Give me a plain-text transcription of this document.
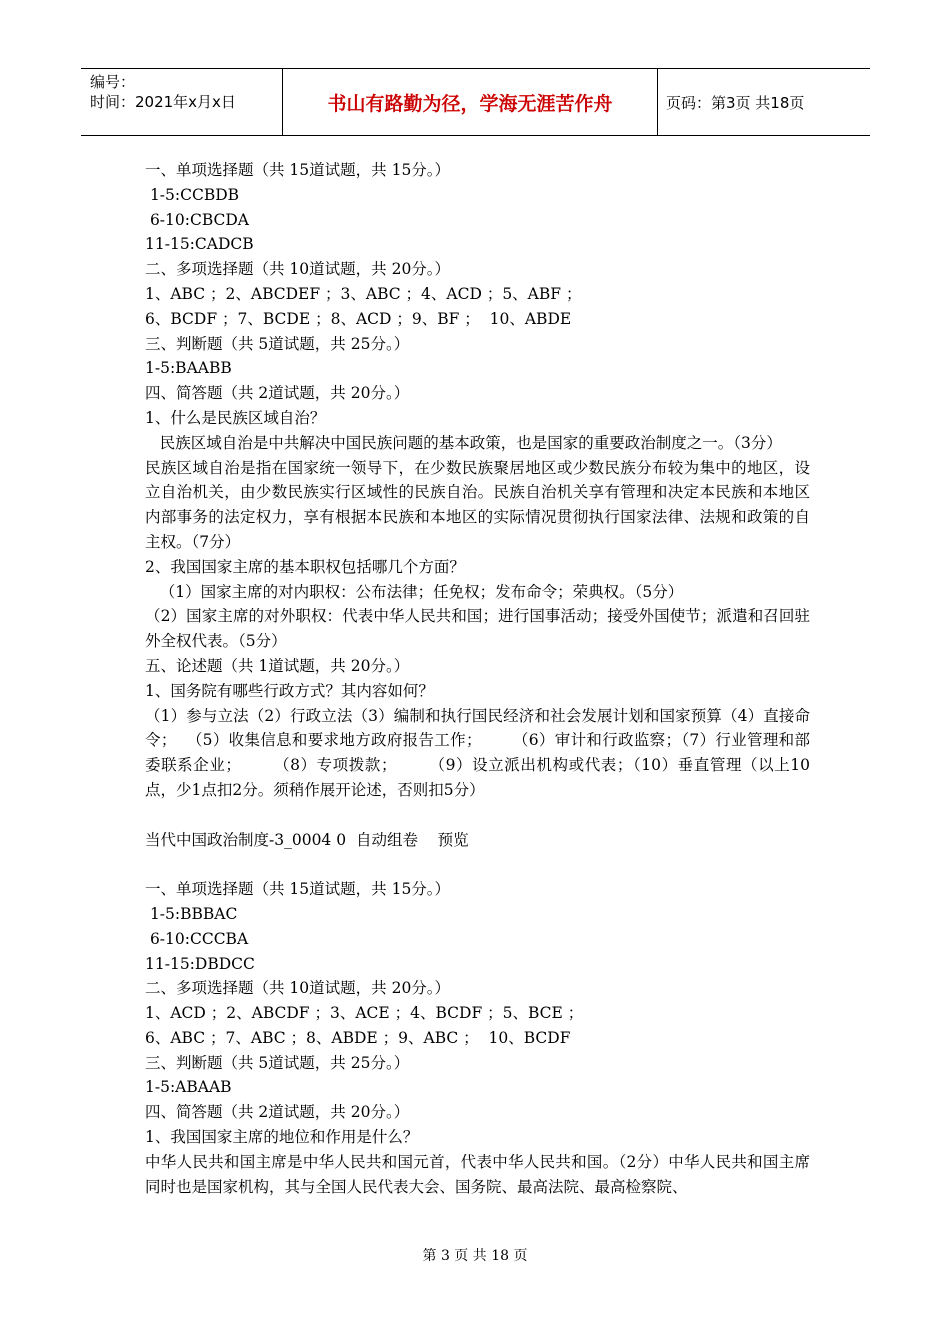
编号：
时间：2021年x月x日	书山有路勤为径，学海无涯苦作舟	页码：第3页 共18页

一、单项选择题（共 15道试题，共 15分。）

1-5:CCBDB

6-10:CBCDA

11-15:CADCB

二、多项选择题（共 10道试题，共 20分。）

1、ABC ；2、ABCDEF ；3、ABC ；4、ACD ；5、ABF ；

6、BCDF ；7、BCDE ；8、ACD ；9、BF ；  10、ABDE

三、判断题（共 5道试题，共 25分。）

1-5:BAABB

四、简答题（共 2道试题，共 20分。）

1、什么是民族区域自治？

民族区域自治是中共解决中国民族问题的基本政策，也是国家的重要政治制度之一。（3分）

民族区域自治是指在国家统一领导下，在少数民族聚居地区或少数民族分布较为集中的地区，设立自治机关，由少数民族实行区域性的民族自治。民族自治机关享有管理和决定本民族和本地区内部事务的法定权力，享有根据本民族和本地区的实际情况贯彻执行国家法律、法规和政策的自主权。（7分）

2、我国国家主席的基本职权包括哪几个方面？

（1）国家主席的对内职权：公布法律；任免权；发布命令；荣典权。（5分）

（2）国家主席的对外职权：代表中华人民共和国；进行国事活动；接受外国使节；派遣和召回驻外全权代表。（5分）

五、论述题（共 1道试题，共 20分。）

1、国务院有哪些行政方式？其内容如何？

（1）参与立法（2）行政立法（3）编制和执行国民经济和社会发展计划和国家预算（4）直接命令；  （5）收集信息和要求地方政府报告工作；      （6）审计和行政监察；（7）行业管理和部委联系企业；      （8）专项拨款；      （9）设立派出机构或代表；（10）垂直管理（以上10点，少1点扣2分。须稍作展开论述，否则扣5分）

当代中国政治制度-3_0004 0  自动组卷    预览

一、单项选择题（共 15道试题，共 15分。）

1-5:BBBAC

6-10:CCCBA

11-15:DBDCC

二、多项选择题（共 10道试题，共 20分。）

1、ACD ；2、ABCDF ；3、ACE ；4、BCDF ；5、BCE ；

6、ABC ；7、ABC ；8、ABDE ；9、ABC ；  10、BCDF

三、判断题（共 5道试题，共 25分。）

1-5:ABAAB

四、简答题（共 2道试题，共 20分。）

1、我国国家主席的地位和作用是什么？

中华人民共和国主席是中华人民共和国元首，代表中华人民共和国。（2分）中华人民共和国主席同时也是国家机构，其与全国人民代表大会、国务院、最高法院、最高检察院、

第 3 页 共 18 页
